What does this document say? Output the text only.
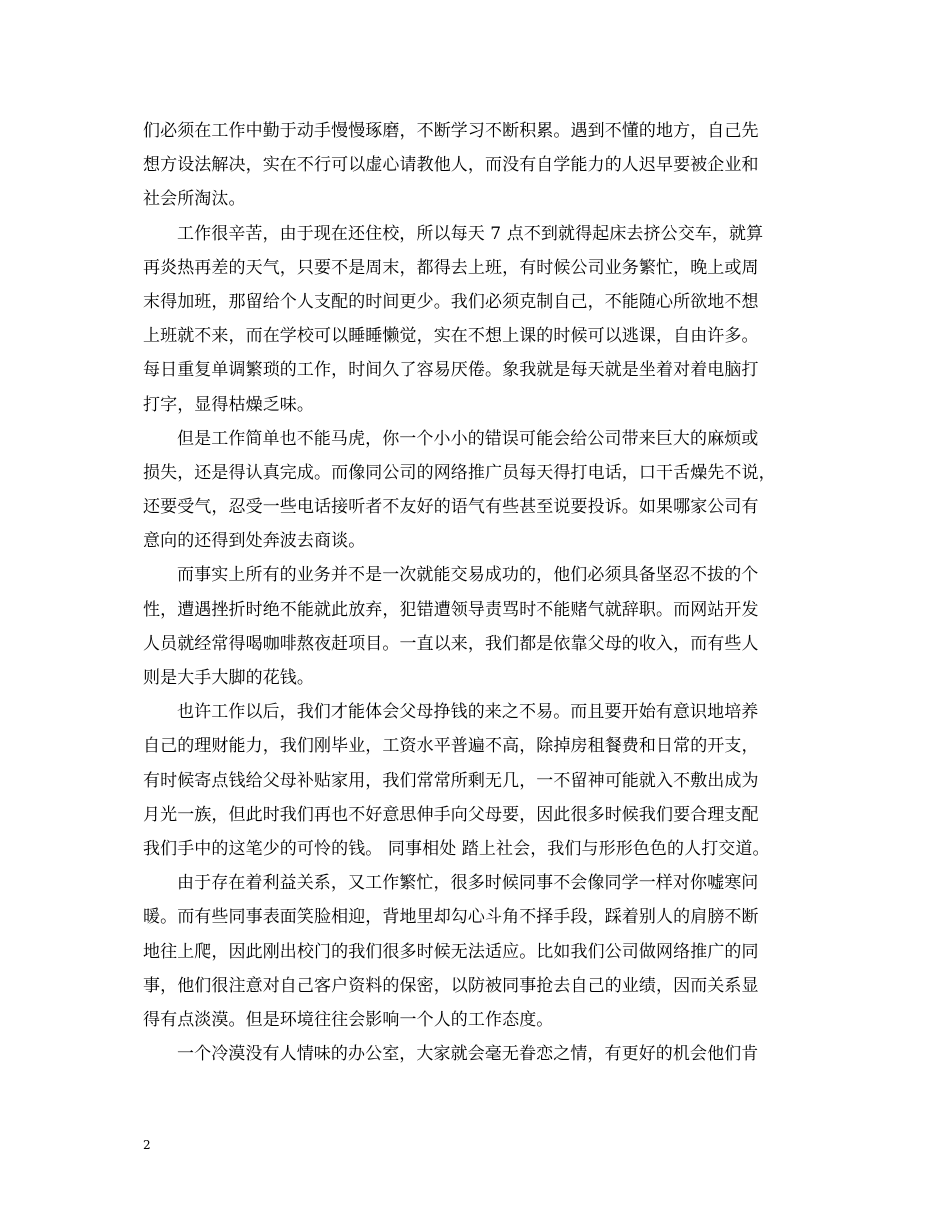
们必须在工作中勤于动手慢慢琢磨，不断学习不断积累。遇到不懂的地方，自己先
想方设法解决，实在不行可以虚心请教他人，而没有自学能力的人迟早要被企业和
社会所淘汰。
工作很辛苦，由于现在还住校，所以每天 7 点不到就得起床去挤公交车，就算
再炎热再差的天气，只要不是周末，都得去上班，有时候公司业务繁忙，晚上或周
末得加班，那留给个人支配的时间更少。我们必须克制自己，不能随心所欲地不想
上班就不来，而在学校可以睡睡懒觉，实在不想上课的时候可以逃课，自由许多。
每日重复单调繁琐的工作，时间久了容易厌倦。象我就是每天就是坐着对着电脑打
打字，显得枯燥乏味。
但是工作简单也不能马虎，你一个小小的错误可能会给公司带来巨大的麻烦或
损失，还是得认真完成。而像同公司的网络推广员每天得打电话，口干舌燥先不说，
还要受气，忍受一些电话接听者不友好的语气有些甚至说要投诉。如果哪家公司有
意向的还得到处奔波去商谈。
而事实上所有的业务并不是一次就能交易成功的，他们必须具备坚忍不拔的个
性，遭遇挫折时绝不能就此放弃，犯错遭领导责骂时不能赌气就辞职。而网站开发
人员就经常得喝咖啡熬夜赶项目。一直以来，我们都是依靠父母的收入，而有些人
则是大手大脚的花钱。
也许工作以后，我们才能体会父母挣钱的来之不易。而且要开始有意识地培养
自己的理财能力，我们刚毕业，工资水平普遍不高，除掉房租餐费和日常的开支，
有时候寄点钱给父母补贴家用，我们常常所剩无几，一不留神可能就入不敷出成为
月光一族，但此时我们再也不好意思伸手向父母要，因此很多时候我们要合理支配
我们手中的这笔少的可怜的钱。 同事相处 踏上社会，我们与形形色色的人打交道。
由于存在着利益关系，又工作繁忙，很多时候同事不会像同学一样对你嘘寒问
暖。而有些同事表面笑脸相迎，背地里却勾心斗角不择手段，踩着别人的肩膀不断
地往上爬，因此刚出校门的我们很多时候无法适应。比如我们公司做网络推广的同
事，他们很注意对自己客户资料的保密，以防被同事抢去自己的业绩，因而关系显
得有点淡漠。但是环境往往会影响一个人的工作态度。
一个冷漠没有人情味的办公室，大家就会毫无眷恋之情，有更好的机会他们肯
2
